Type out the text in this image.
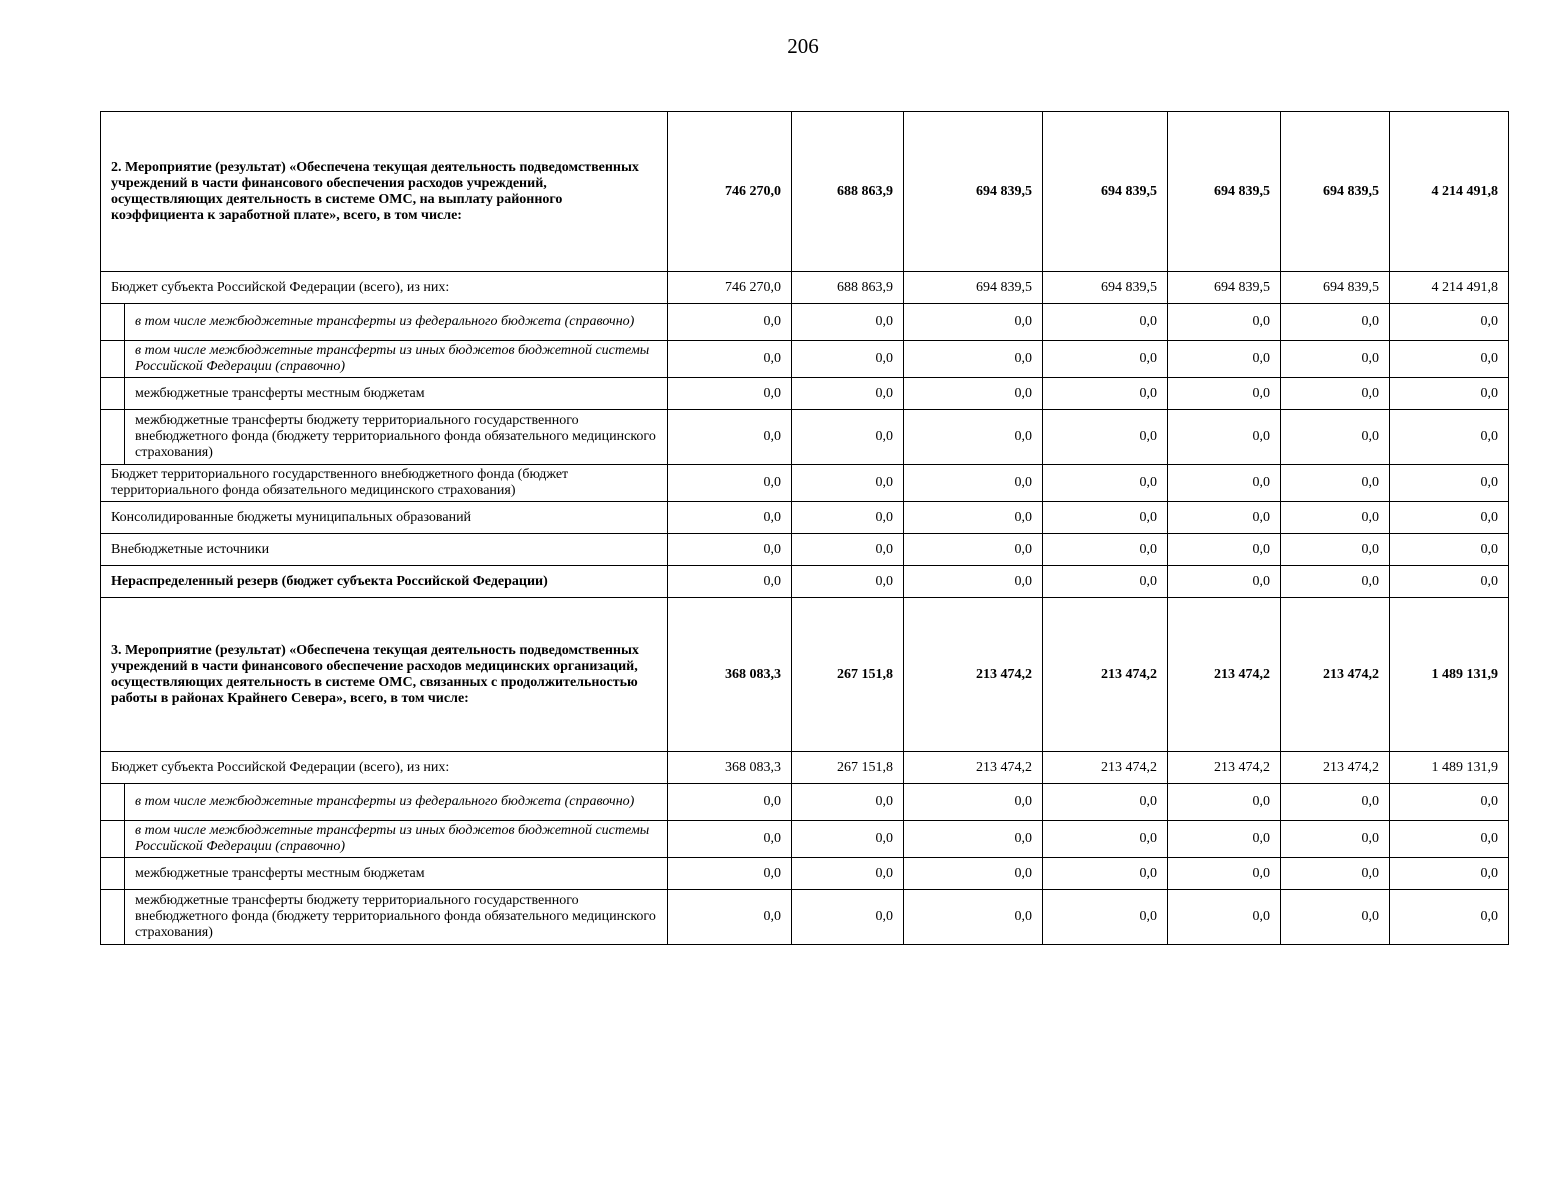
206
2. Мероприятие (результат) «Обеспечена текущая деятельность подведомственных учреждений в части финансового обеспечения расходов учреждений, осуществляющих деятельность в системе ОМС, на выплату районного коэффициента к заработной плате», всего, в том числе:		746 270,0	688 863,9	694 839,5	694 839,5	694 839,5	694 839,5	4 214 491,8
Бюджет субъекта Российской Федерации (всего), из них:		746 270,0	688 863,9	694 839,5	694 839,5	694 839,5	694 839,5	4 214 491,8
	в том числе межбюджетные трансферты из федерального бюджета (справочно)	0,0	0,0	0,0	0,0	0,0	0,0	0,0
	в том числе межбюджетные трансферты из иных бюджетов бюджетной системы Российской Федерации (справочно)	0,0	0,0	0,0	0,0	0,0	0,0	0,0
	межбюджетные трансферты местным бюджетам	0,0	0,0	0,0	0,0	0,0	0,0	0,0
	межбюджетные трансферты бюджету территориального государственного внебюджетного фонда (бюджету территориального фонда обязательного медицинского страхования)	0,0	0,0	0,0	0,0	0,0	0,0	0,0
Бюджет территориального государственного внебюджетного фонда (бюджет территориального фонда обязательного медицинского страхования)		0,0	0,0	0,0	0,0	0,0	0,0	0,0
Консолидированные бюджеты муниципальных образований		0,0	0,0	0,0	0,0	0,0	0,0	0,0
Внебюджетные источники		0,0	0,0	0,0	0,0	0,0	0,0	0,0
Нераспределенный резерв (бюджет субъекта Российской Федерации)		0,0	0,0	0,0	0,0	0,0	0,0	0,0
3. Мероприятие (результат) «Обеспечена текущая деятельность подведомственных учреждений в части финансового обеспечение расходов медицинских организаций, осуществляющих деятельность в системе ОМС, связанных с продолжительностью работы в районах Крайнего Севера», всего, в том числе:		368 083,3	267 151,8	213 474,2	213 474,2	213 474,2	213 474,2	1 489 131,9
Бюджет субъекта Российской Федерации (всего), из них:		368 083,3	267 151,8	213 474,2	213 474,2	213 474,2	213 474,2	1 489 131,9
	в том числе межбюджетные трансферты из федерального бюджета (справочно)	0,0	0,0	0,0	0,0	0,0	0,0	0,0
	в том числе межбюджетные трансферты из иных бюджетов бюджетной системы Российской Федерации (справочно)	0,0	0,0	0,0	0,0	0,0	0,0	0,0
	межбюджетные трансферты местным бюджетам	0,0	0,0	0,0	0,0	0,0	0,0	0,0
	межбюджетные трансферты бюджету территориального государственного внебюджетного фонда (бюджету территориального фонда обязательного медицинского страхования)	0,0	0,0	0,0	0,0	0,0	0,0	0,0
